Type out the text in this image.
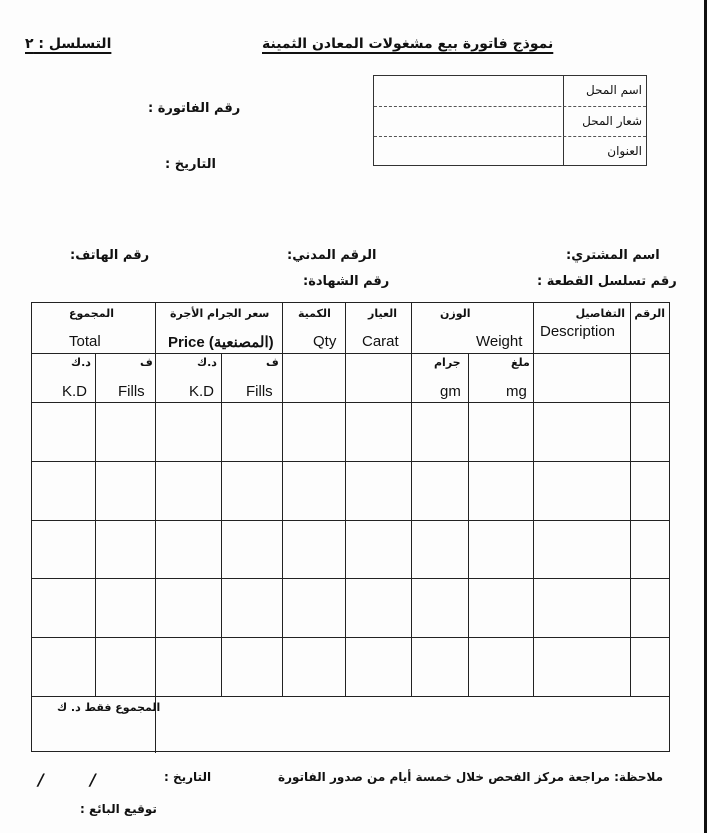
نموذج فاتورة بيع مشغولات المعادن الثمينة
التسلسل : ٢
اسم المحل
شعار المحل
العنوان
رقم الفاتورة :
التاريخ :
اسم المشتري:
الرقم المدني:
رقم الهاتف:
رقم تسلسل القطعة :
رقم الشهادة:
الرقم
التفاصيل
Description
الوزن
Weight
العيار
Carat
الكمية
Qty
سعر الجرام الأجرة
Price (المصنعية)
المجموع
Total
ملغ
mg
جرام
gm
ف
Fills
د.ك
K.D
ف
Fills
د.ك
K.D
المجموع فقط د. ك
ملاحظة: مراجعة مركز الفحص خلال خمسة أيام من صدور الفاتورة
التاريخ :
/
/
توقيع البائع :
